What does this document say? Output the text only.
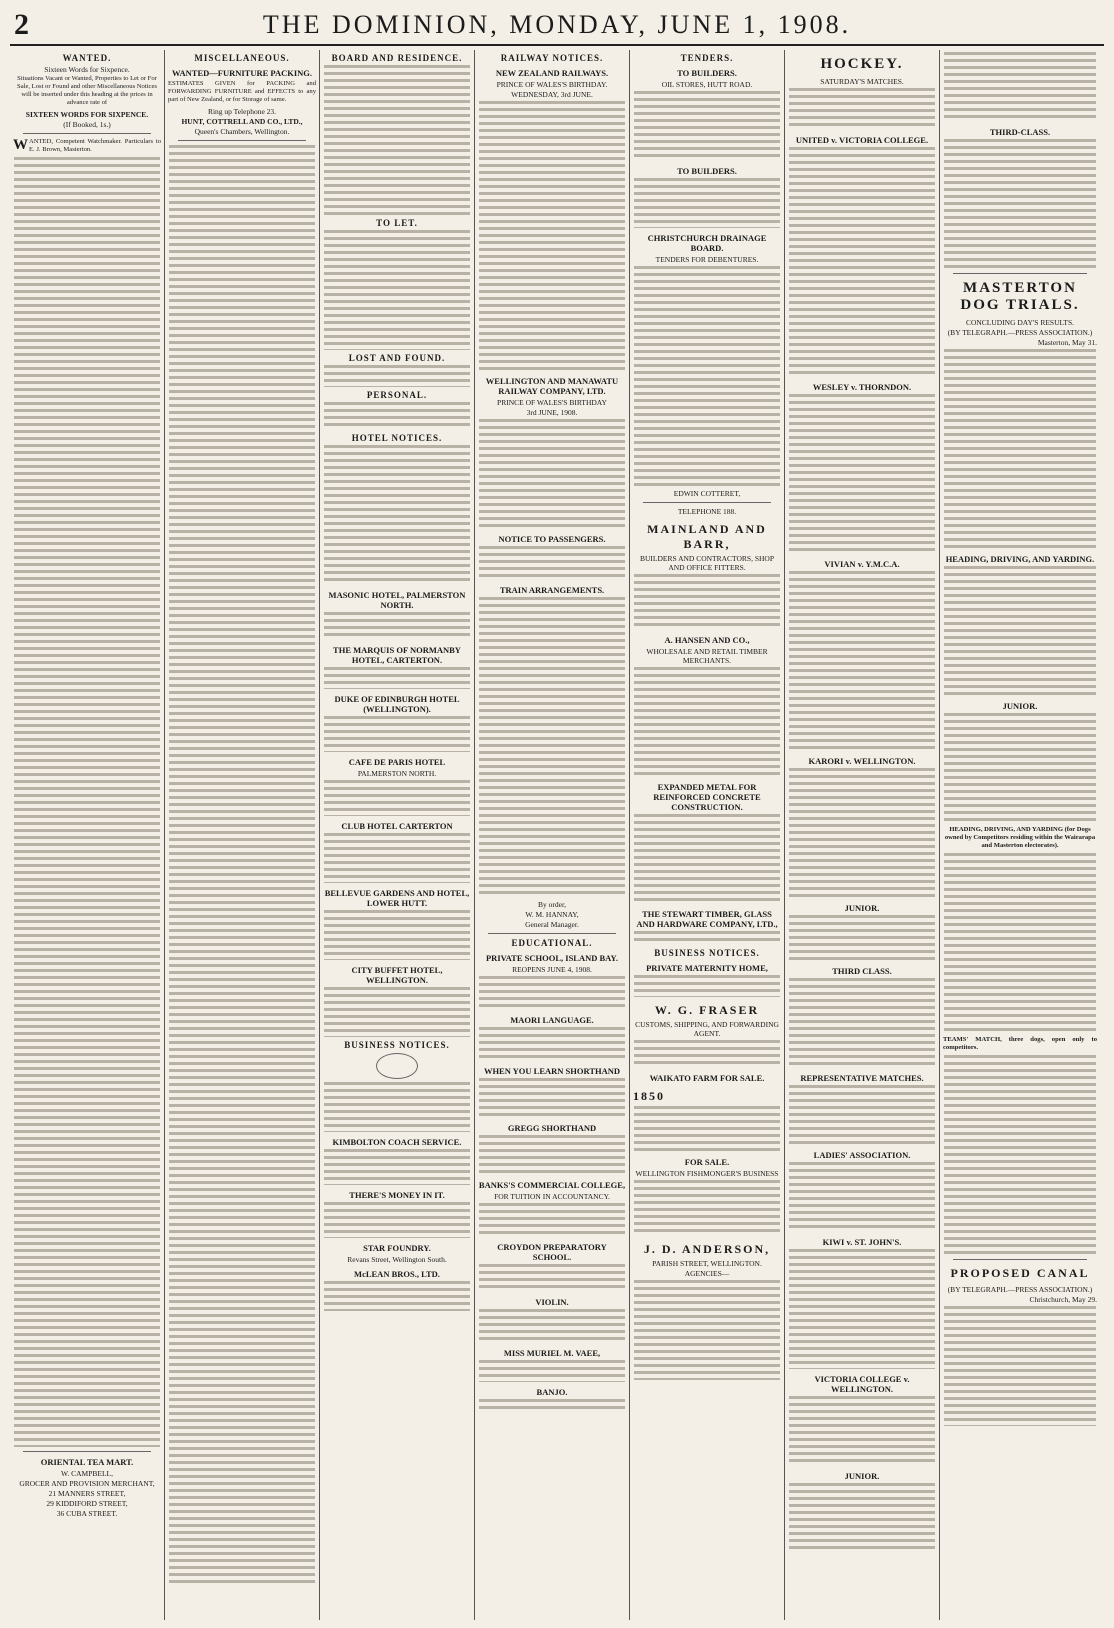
2	THE DOMINION, MONDAY, JUNE 1, 1908.
WANTED.
Sixteen Words for Sixpence.
Situations Vacant or Wanted, Properties to Let or For Sale, Lost or Found and other Miscellaneous Notices will be inserted under this heading at the prices in advance rate of
SIXTEEN WORDS FOR SIXPENCE.
(If Booked, 1s.)
WANTED, Competent Watchmaker. Particulars to E. J. Brown, Masterton.
ORIENTAL TEA MART.
W. CAMPBELL,
GROCER AND PROVISION MERCHANT,
21 MANNERS STREET,
29 KIDDIFORD STREET,
36 CUBA STREET.
MISCELLANEOUS.
WANTED—FURNITURE PACKING.
ESTIMATES GIVEN for PACKING and FORWARDING FURNITURE and EFFECTS to any part of New Zealand, or for Storage of same.
Ring up Telephone 23.
HUNT, COTTRELL AND CO., LTD.,
Queen's Chambers, Wellington.
BOARD AND RESIDENCE.
TO LET.
LOST AND FOUND.
PERSONAL.
HOTEL NOTICES.
MASONIC HOTEL, PALMERSTON NORTH.
THE MARQUIS OF NORMANBY HOTEL, CARTERTON.
DUKE OF EDINBURGH HOTEL (WELLINGTON).
CAFE DE PARIS HOTEL
PALMERSTON NORTH.
CLUB HOTEL CARTERTON
BELLEVUE GARDENS AND HOTEL, LOWER HUTT.
CITY BUFFET HOTEL, WELLINGTON.
BUSINESS NOTICES.
KIMBOLTON COACH SERVICE.
THERE'S MONEY IN IT.
STAR FOUNDRY.
Revans Street, Wellington South.
McLEAN BROS., LTD.
RAILWAY NOTICES.
NEW ZEALAND RAILWAYS.
PRINCE OF WALES'S BIRTHDAY.
WEDNESDAY, 3rd JUNE.
WELLINGTON AND MANAWATU RAILWAY COMPANY, LTD.
PRINCE OF WALES'S BIRTHDAY
3rd JUNE, 1908.
NOTICE TO PASSENGERS.
TRAIN ARRANGEMENTS.
By order,
W. M. HANNAY,
General Manager.
EDUCATIONAL.
PRIVATE SCHOOL, ISLAND BAY.
REOPENS JUNE 4, 1908.
MAORI LANGUAGE.
WHEN YOU LEARN SHORTHAND
GREGG SHORTHAND
BANKS'S COMMERCIAL COLLEGE,
FOR TUITION IN ACCOUNTANCY.
CROYDON PREPARATORY SCHOOL.
VIOLIN.
MISS MURIEL M. VAEE,
BANJO.
TENDERS.
TO BUILDERS.
OIL STORES, HUTT ROAD.
TO BUILDERS.
CHRISTCHURCH DRAINAGE BOARD.
TENDERS FOR DEBENTURES.
EDWIN COTTERET,
TELEPHONE 188.
MAINLAND AND BARR,
BUILDERS AND CONTRACTORS, SHOP AND OFFICE FITTERS.
A. HANSEN AND CO.,
WHOLESALE AND RETAIL TIMBER MERCHANTS.
EXPANDED METAL FOR REINFORCED CONCRETE CONSTRUCTION.
THE STEWART TIMBER, GLASS AND HARDWARE COMPANY, LTD.,
BUSINESS NOTICES.
PRIVATE MATERNITY HOME,
W. G. FRASER
CUSTOMS, SHIPPING, AND FORWARDING AGENT.
WAIKATO FARM FOR SALE.
1850
FOR SALE.
WELLINGTON FISHMONGER'S BUSINESS
J. D. ANDERSON,
PARISH STREET, WELLINGTON.
AGENCIES—
HOCKEY.
SATURDAY'S MATCHES.
UNITED v. VICTORIA COLLEGE.
WESLEY v. THORNDON.
VIVIAN v. Y.M.C.A.
KARORI v. WELLINGTON.
JUNIOR.
THIRD CLASS.
REPRESENTATIVE MATCHES.
LADIES' ASSOCIATION.
KIWI v. ST. JOHN'S.
VICTORIA COLLEGE v. WELLINGTON.
JUNIOR.
THIRD-CLASS.
MASTERTON DOG TRIALS.
CONCLUDING DAY'S RESULTS.
(BY TELEGRAPH.—PRESS ASSOCIATION.)
Masterton, May 31.
HEADING, DRIVING, AND YARDING.
JUNIOR.
HEADING, DRIVING, AND YARDING (for Dogs owned by Competitors residing within the Wairarapa and Masterton electorates).
TEAMS' MATCH, three dogs, open only to competitors.
PROPOSED CANAL
(BY TELEGRAPH.—PRESS ASSOCIATION.)
Christchurch, May 29.
